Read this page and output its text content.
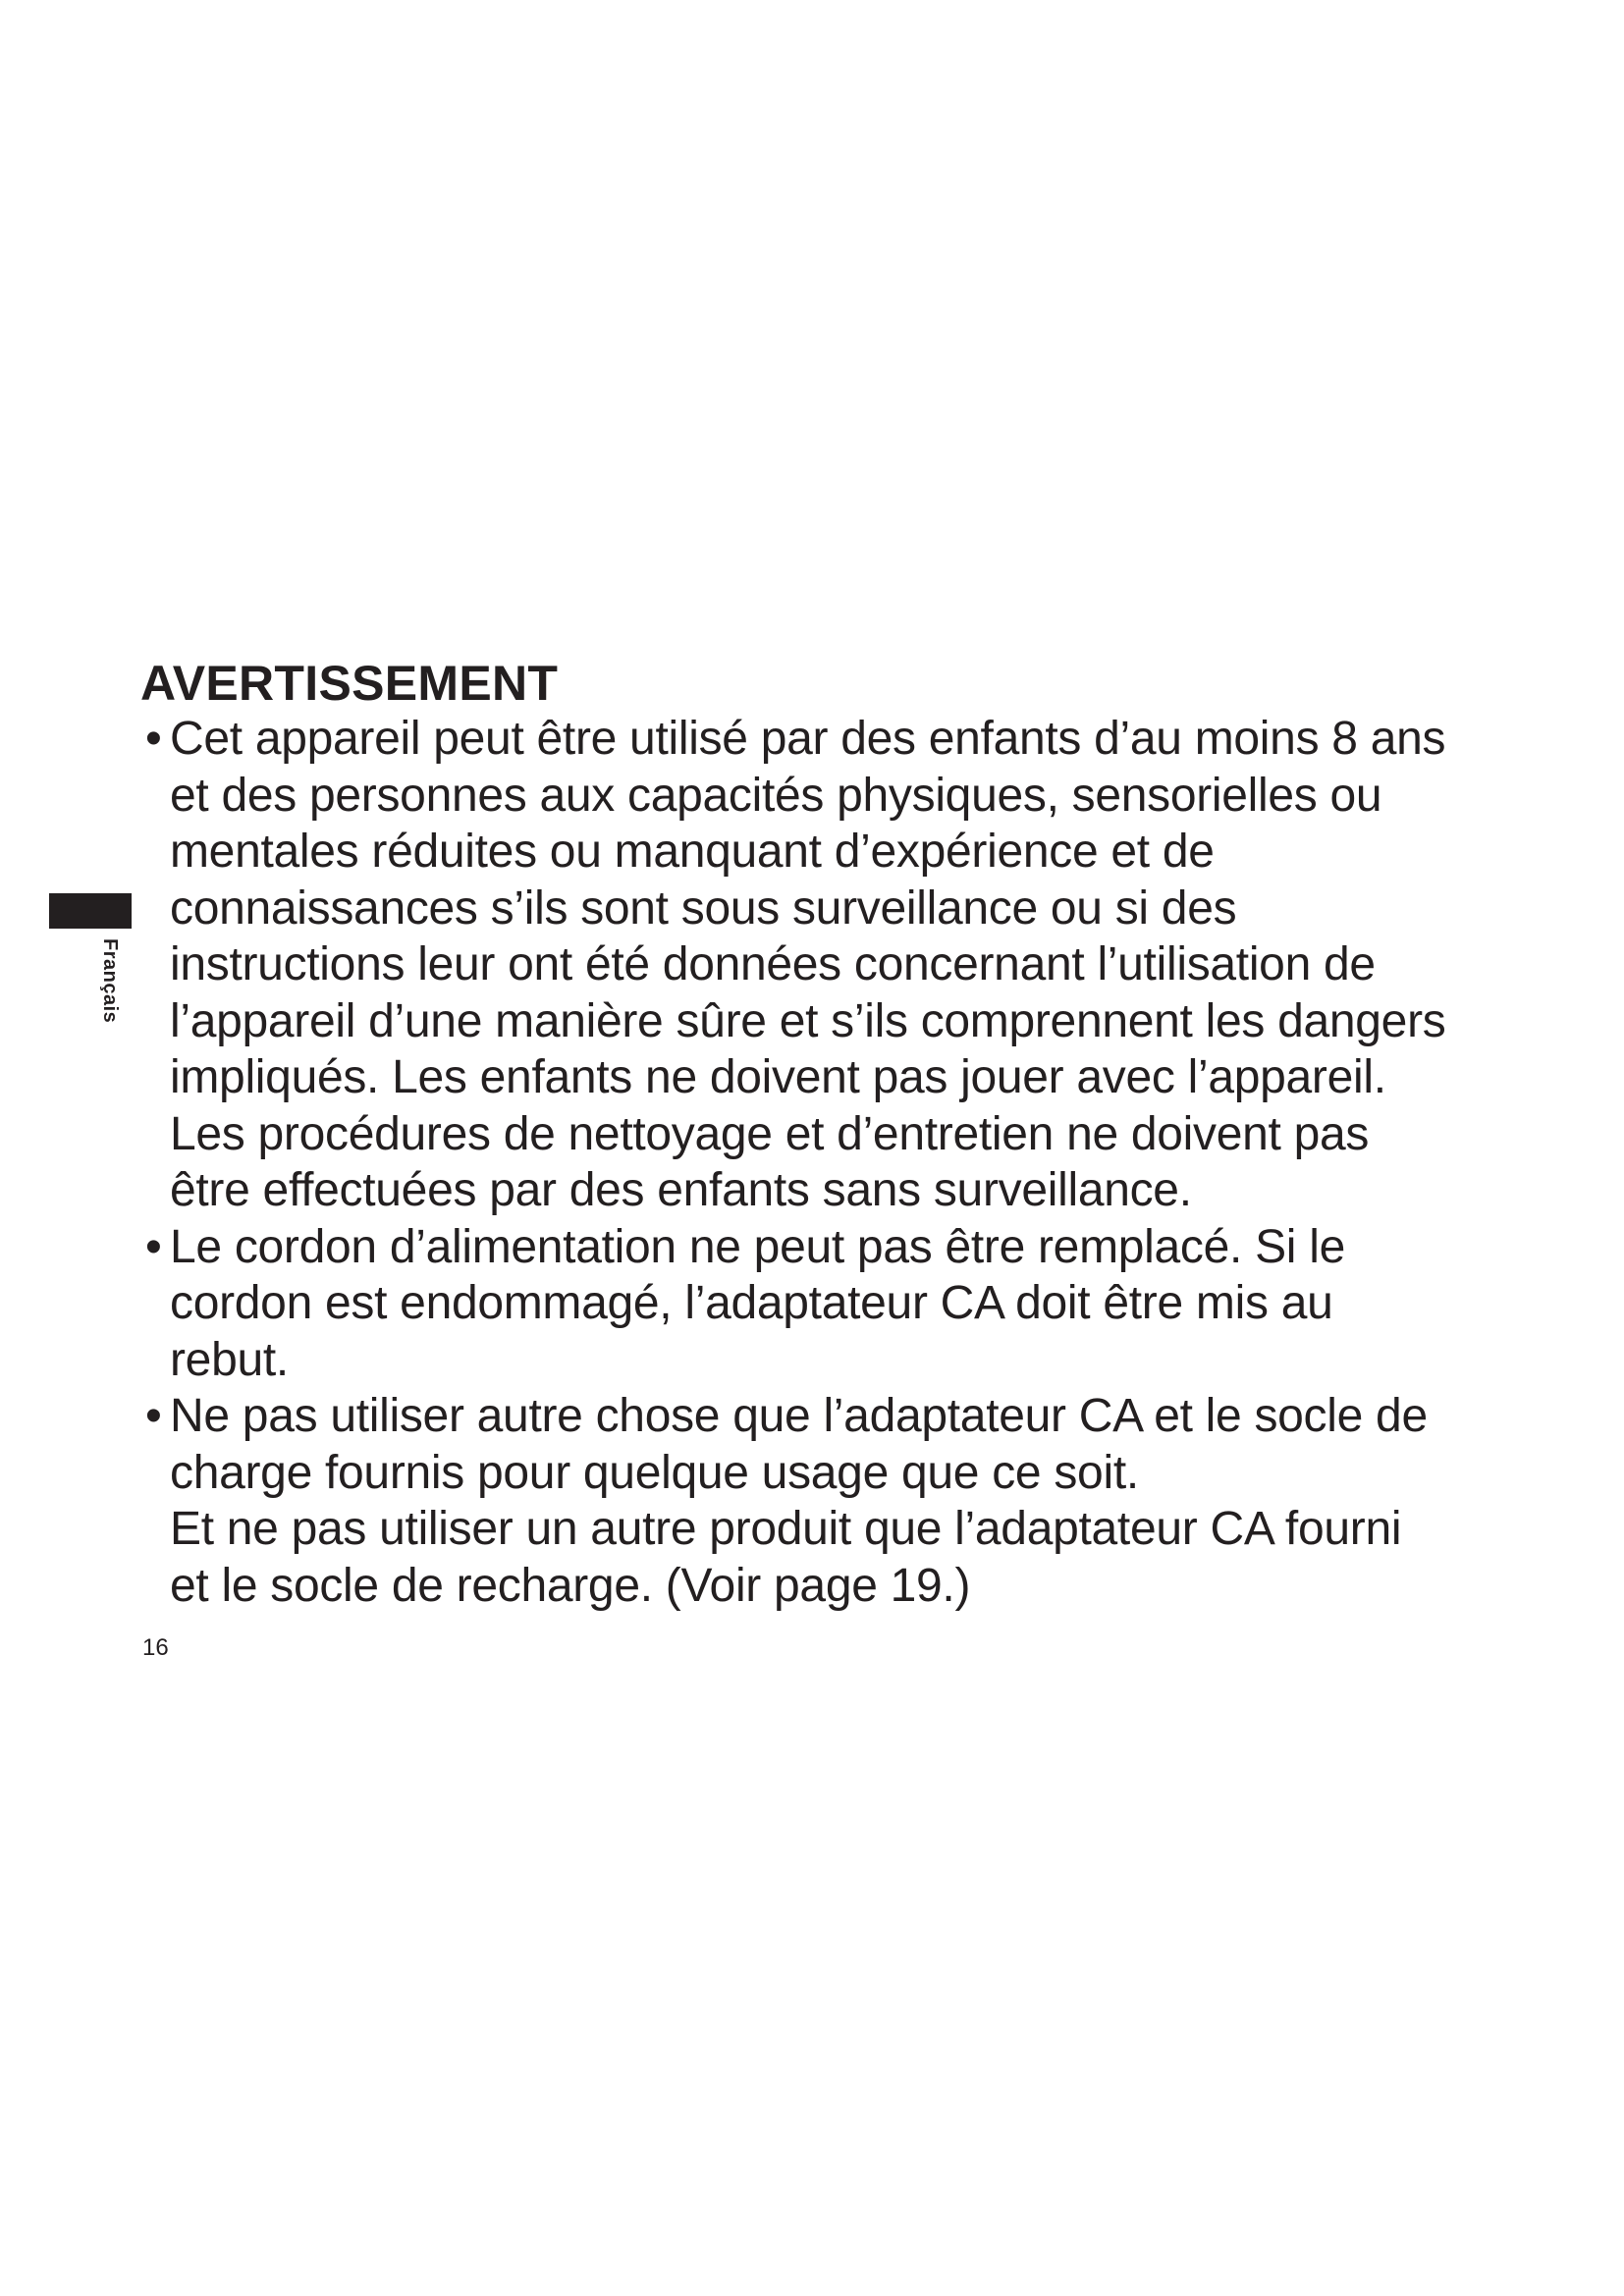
Français
AVERTISSEMENT
• Cet appareil peut être utilisé par des enfants d’au moins 8 ans
et des personnes aux capacités physiques, sensorielles ou
mentales réduites ou manquant d’expérience et de
connaissances s’ils sont sous surveillance ou si des
instructions leur ont été données concernant l’utilisation de
l’appareil d’une manière sûre et s’ils comprennent les dangers
impliqués. Les enfants ne doivent pas jouer avec l’appareil.
Les procédures de nettoyage et d’entretien ne doivent pas
être effectuées par des enfants sans surveillance.
• Le cordon d’alimentation ne peut pas être remplacé. Si le
cordon est endommagé, l’adaptateur CA doit être mis au
rebut.
• Ne pas utiliser autre chose que l’adaptateur CA et le socle de
charge fournis pour quelque usage que ce soit.
Et ne pas utiliser un autre produit que l’adaptateur CA fourni
et le socle de recharge. (Voir page 19.)
16
